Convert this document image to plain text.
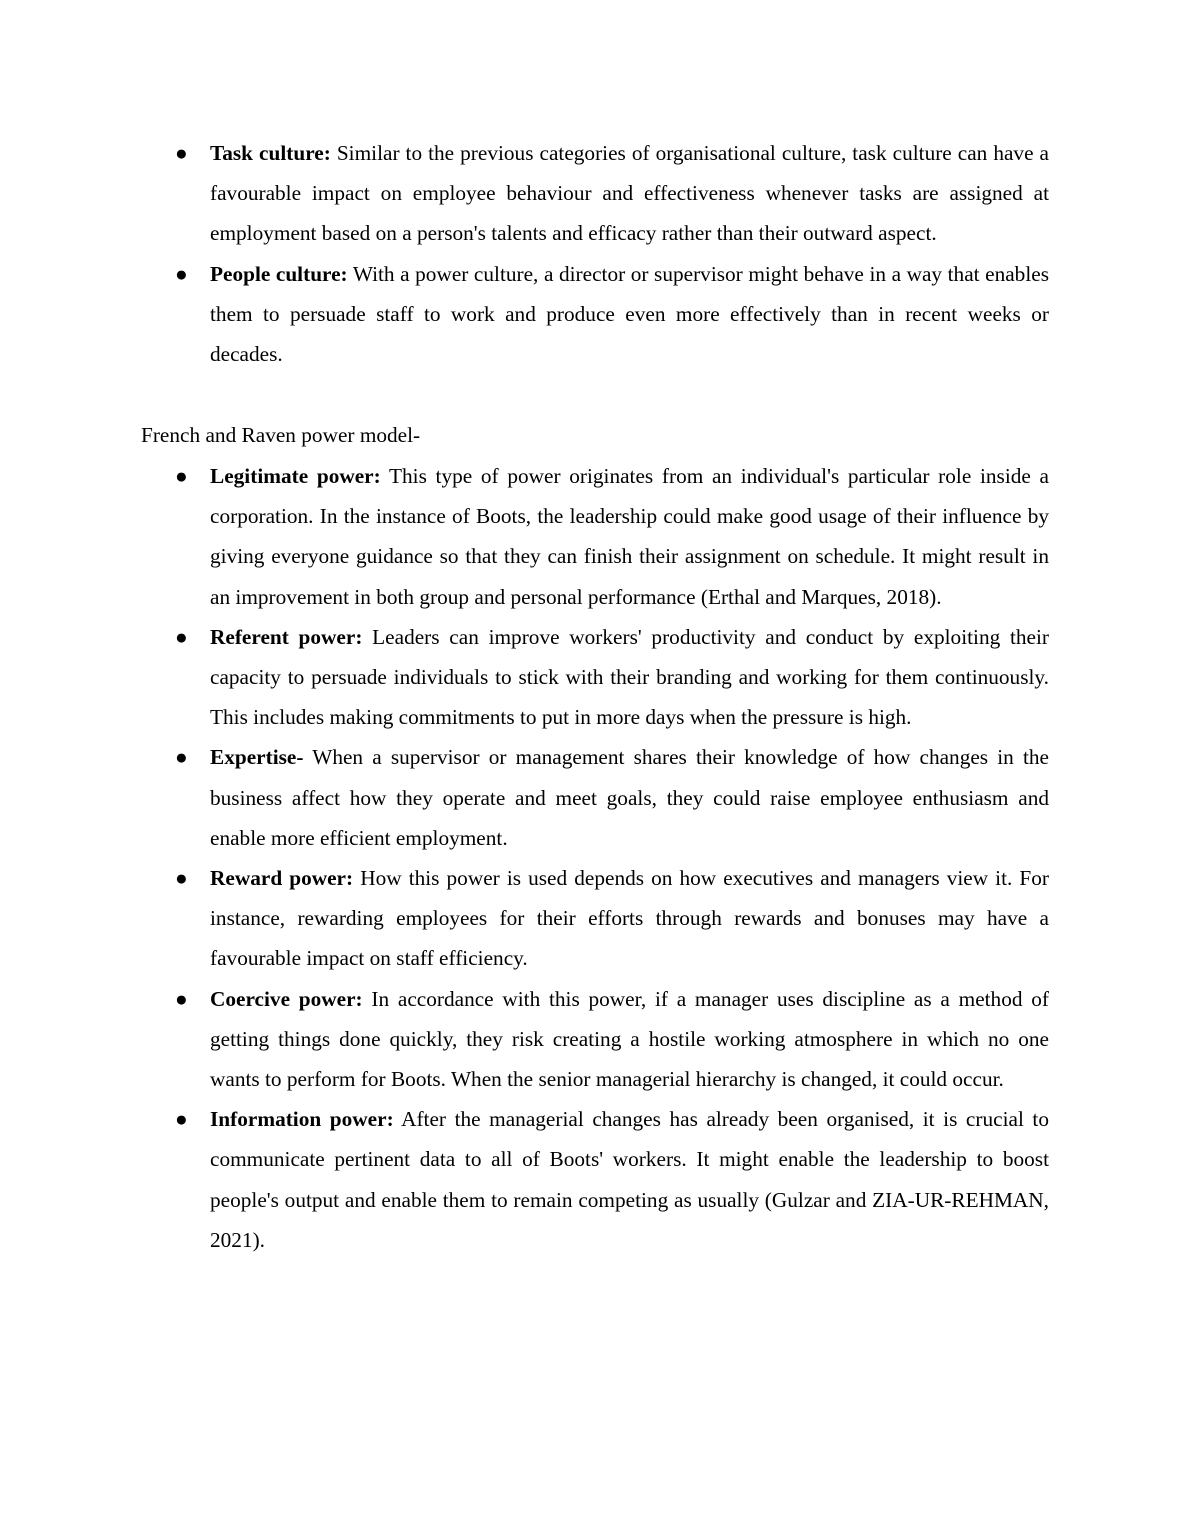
● Task culture: Similar to the previous categories of organisational culture, task culture can have a favourable impact on employee behaviour and effectiveness whenever tasks are assigned at employment based on a person's talents and efficacy rather than their outward aspect.
● People culture: With a power culture, a director or supervisor might behave in a way that enables them to persuade staff to work and produce even more effectively than in recent weeks or decades.
French and Raven power model-
● Legitimate power: This type of power originates from an individual's particular role inside a corporation. In the instance of Boots, the leadership could make good usage of their influence by giving everyone guidance so that they can finish their assignment on schedule. It might result in an improvement in both group and personal performance (Erthal and Marques, 2018).
● Referent power: Leaders can improve workers' productivity and conduct by exploiting their capacity to persuade individuals to stick with their branding and working for them continuously. This includes making commitments to put in more days when the pressure is high.
● Expertise- When a supervisor or management shares their knowledge of how changes in the business affect how they operate and meet goals, they could raise employee enthusiasm and enable more efficient employment.
● Reward power: How this power is used depends on how executives and managers view it. For instance, rewarding employees for their efforts through rewards and bonuses may have a favourable impact on staff efficiency.
● Coercive power: In accordance with this power, if a manager uses discipline as a method of getting things done quickly, they risk creating a hostile working atmosphere in which no one wants to perform for Boots. When the senior managerial hierarchy is changed, it could occur.
● Information power: After the managerial changes has already been organised, it is crucial to communicate pertinent data to all of Boots' workers. It might enable the leadership to boost people's output and enable them to remain competing as usually (Gulzar and ZIA-UR-REHMAN, 2021).
